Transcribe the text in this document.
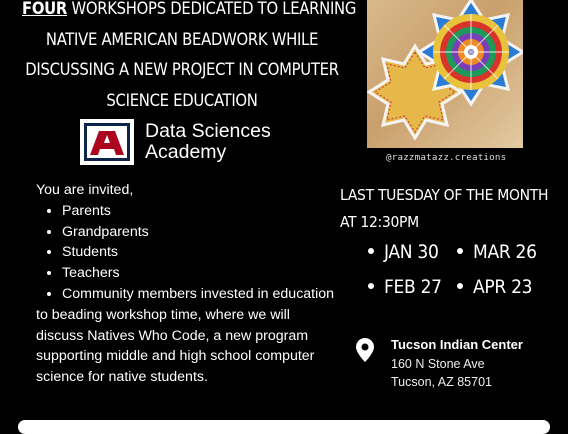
FOUR WORKSHOPS DEDICATED TO LEARNING
NATIVE AMERICAN BEADWORK WHILE
DISCUSSING A NEW PROJECT IN COMPUTER
SCIENCE EDUCATION
Data Sciences
Academy

You are invited,

• Parents
• Grandparents
• Students
• Teachers
• Community members invested in education

to beading workshop time, where we will discuss Natives Who Code, a new program supporting middle and high school computer science for native students.

@razzmatazz.creations
LAST TUESDAY OF THE MONTH AT 12:30PM
JAN 30	MAR 26
FEB 27	APR 23
Tucson Indian Center
160 N Stone Ave
Tucson, AZ 85701
